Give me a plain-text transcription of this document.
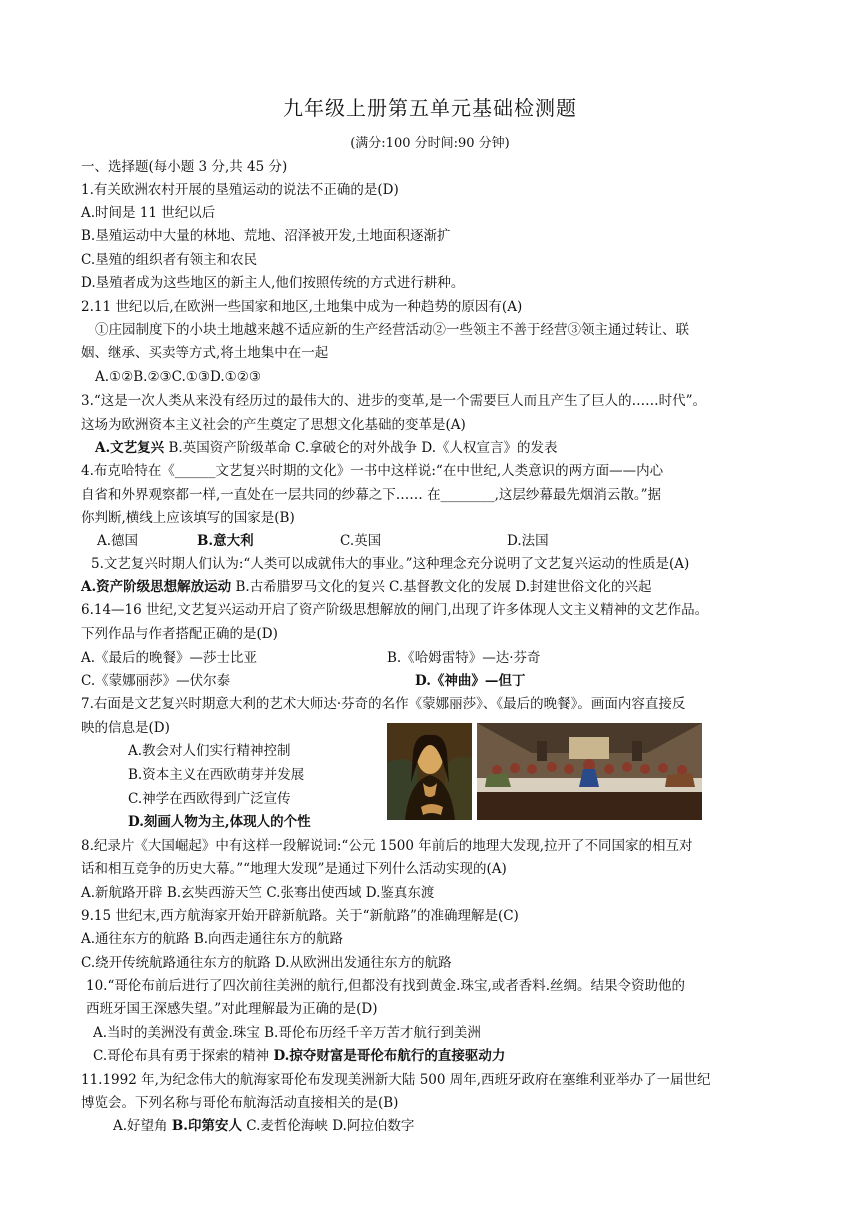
九年级上册第五单元基础检测题
(满分:100 分时间:90 分钟)
一、选择题(每小题 3 分,共 45 分)
1.有关欧洲农村开展的垦殖运动的说法不正确的是(D)
A.时间是 11 世纪以后
B.垦殖运动中大量的林地、荒地、沼泽被开发,土地面积逐渐扩
C.垦殖的组织者有领主和农民
D.垦殖者成为这些地区的新主人,他们按照传统的方式进行耕种。
2.11 世纪以后,在欧洲一些国家和地区,土地集中成为一种趋势的原因有(A)
①庄园制度下的小块土地越来越不适应新的生产经营活动②一些领主不善于经营③领主通过转让、联
姻、继承、买卖等方式,将土地集中在一起
A.①②B.②③C.①③D.①②③
3.“这是一次人类从来没有经历过的最伟大的、进步的变革,是一个需要巨人而且产生了巨人的……时代”。
这场为欧洲资本主义社会的产生奠定了思想文化基础的变革是(A)
A.文艺复兴 B.英国资产阶级革命 C.拿破仑的对外战争 D.《人权宣言》的发表
4.布克哈特在《______文艺复兴时期的文化》一书中这样说:“在中世纪,人类意识的两方面——内心
自省和外界观察都一样,一直处在一层共同的纱幕之下…… 在________,这层纱幕最先烟消云散。”据
你判断,横线上应该填写的国家是(B)
A.德国	B.意大利	C.英国	D.法国
5.文艺复兴时期人们认为:“人类可以成就伟大的事业。”这种理念充分说明了文艺复兴运动的性质是(A)
A.资产阶级思想解放运动 B.古希腊罗马文化的复兴 C.基督教文化的发展 D.封建世俗文化的兴起
6.14—16 世纪,文艺复兴运动开启了资产阶级思想解放的闸门,出现了许多体现人文主义精神的文艺作品。
下列作品与作者搭配正确的是(D)
A.《最后的晚餐》—莎士比亚	B.《哈姆雷特》—达·芬奇
C.《蒙娜丽莎》—伏尔泰	D.《神曲》—但丁
7.右面是文艺复兴时期意大利的艺术大师达·芬奇的名作《蒙娜丽莎》、《最后的晚餐》。画面内容直接反
映的信息是(D)
A.教会对人们实行精神控制
B.资本主义在西欧萌芽并发展
C.神学在西欧得到广泛宣传
D.刻画人物为主,体现人的个性
8.纪录片《大国崛起》中有这样一段解说词:“公元 1500 年前后的地理大发现,拉开了不同国家的相互对
话和相互竞争的历史大幕。”“地理大发现”是通过下列什么活动实现的(A)
A.新航路开辟 B.玄奘西游天竺 C.张骞出使西域 D.鉴真东渡
9.15 世纪末,西方航海家开始开辟新航路。关于“新航路”的准确理解是(C)
A.通往东方的航路 B.向西走通往东方的航路
C.绕开传统航路通往东方的航路 D.从欧洲出发通往东方的航路
10.“哥伦布前后进行了四次前往美洲的航行,但都没有找到黄金.珠宝,或者香料.丝绸。结果令资助他的
西班牙国王深感失望。”对此理解最为正确的是(D)
A.当时的美洲没有黄金.珠宝 B.哥伦布历经千辛万苦才航行到美洲
C.哥伦布具有勇于探索的精神 D.掠夺财富是哥伦布航行的直接驱动力
11.1992 年,为纪念伟大的航海家哥伦布发现美洲新大陆 500 周年,西班牙政府在塞维利亚举办了一届世纪
博览会。下列名称与哥伦布航海活动直接相关的是(B)
A.好望角 B.印第安人 C.麦哲伦海峡 D.阿拉伯数字
